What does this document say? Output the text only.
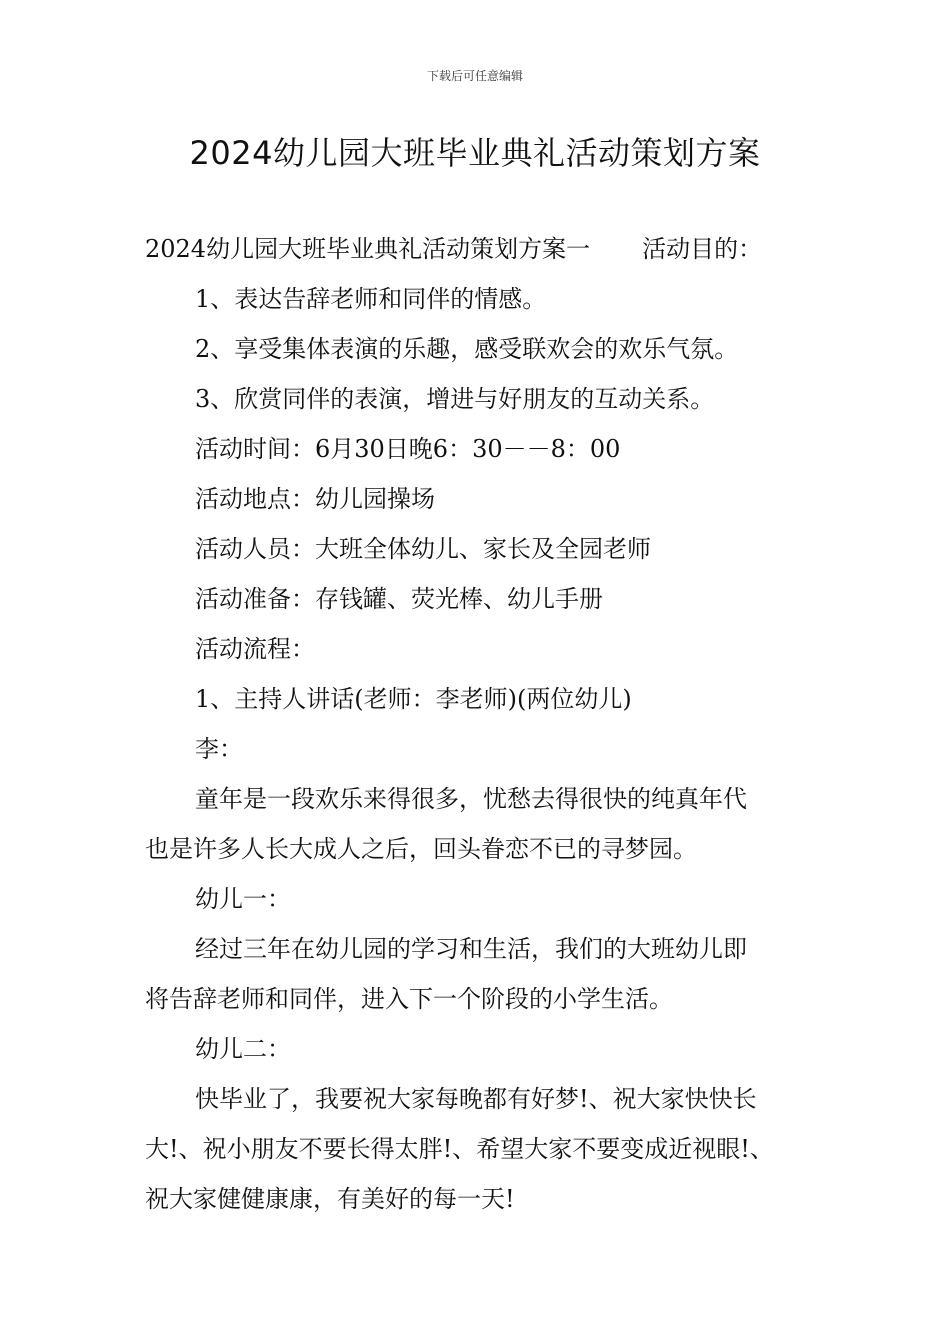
下载后可任意编辑
2024幼儿园大班毕业典礼活动策划方案
2024幼儿园大班毕业典礼活动策划方案一 活动目的：
1、表达告辞老师和同伴的情感。
2、享受集体表演的乐趣，感受联欢会的欢乐气氛。
3、欣赏同伴的表演，增进与好朋友的互动关系。
活动时间：6月30日晚6：30－－8：00
活动地点：幼儿园操场
活动人员：大班全体幼儿、家长及全园老师
活动准备：存钱罐、荧光棒、幼儿手册
活动流程：
1、主持人讲话(老师：李老师)(两位幼儿)
李：
童年是一段欢乐来得很多，忧愁去得很快的纯真年代
也是许多人长大成人之后，回头眷恋不已的寻梦园。
幼儿一：
经过三年在幼儿园的学习和生活，我们的大班幼儿即
将告辞老师和同伴，进入下一个阶段的小学生活。
幼儿二：
快毕业了，我要祝大家每晚都有好梦!、祝大家快快长
大!、祝小朋友不要长得太胖!、希望大家不要变成近视眼!、
祝大家健健康康，有美好的每一天!
